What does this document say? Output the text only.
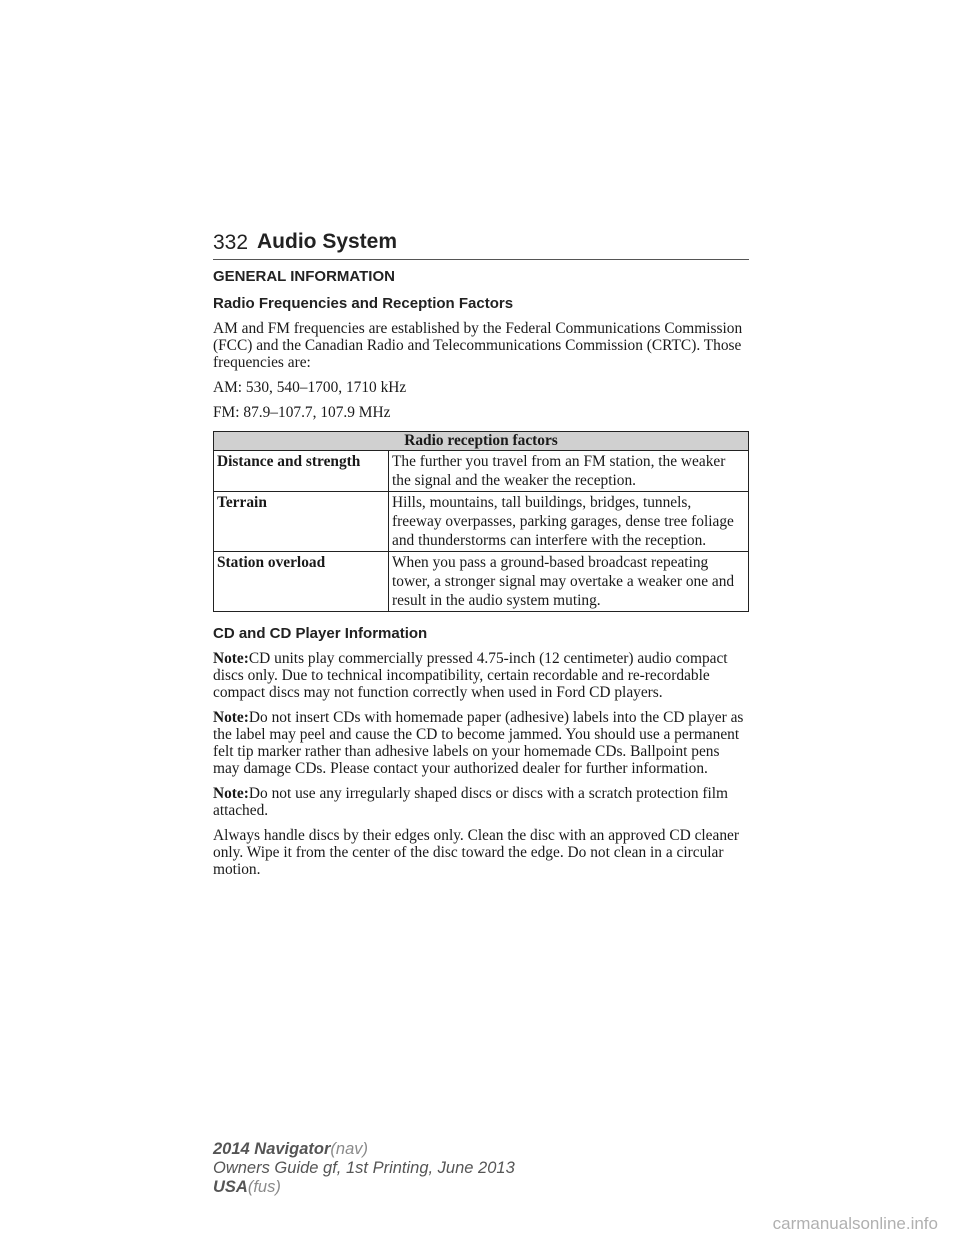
332 Audio System
GENERAL INFORMATION
Radio Frequencies and Reception Factors

AM and FM frequencies are established by the Federal Communications Commission (FCC) and the Canadian Radio and Telecommunications Commission (CRTC). Those frequencies are:

AM: 530, 540–1700, 1710 kHz

FM: 87.9–107.7, 107.9 MHz

Radio reception factors	
Distance and strength	The further you travel from an FM station, the weaker the signal and the weaker the reception.
Terrain	Hills, mountains, tall buildings, bridges, tunnels, freeway overpasses, parking garages, dense tree foliage and thunderstorms can interfere with the reception.
Station overload	When you pass a ground-based broadcast repeating tower, a stronger signal may overtake a weaker one and result in the audio system muting.
CD and CD Player Information

Note:CD units play commercially pressed 4.75-inch (12 centimeter) audio compact discs only. Due to technical incompatibility, certain recordable and re-recordable compact discs may not function correctly when used in Ford CD players.

Note:Do not insert CDs with homemade paper (adhesive) labels into the CD player as the label may peel and cause the CD to become jammed. You should use a permanent felt tip marker rather than adhesive labels on your homemade CDs. Ballpoint pens may damage CDs. Please contact your authorized dealer for further information.

Note:Do not use any irregularly shaped discs or discs with a scratch protection film attached.

Always handle discs by their edges only. Clean the disc with an approved CD cleaner only. Wipe it from the center of the disc toward the edge. Do not clean in a circular motion.

2014 Navigator(nav)
Owners Guide gf, 1st Printing, June 2013
USA(fus)
carmanualsonline.info
